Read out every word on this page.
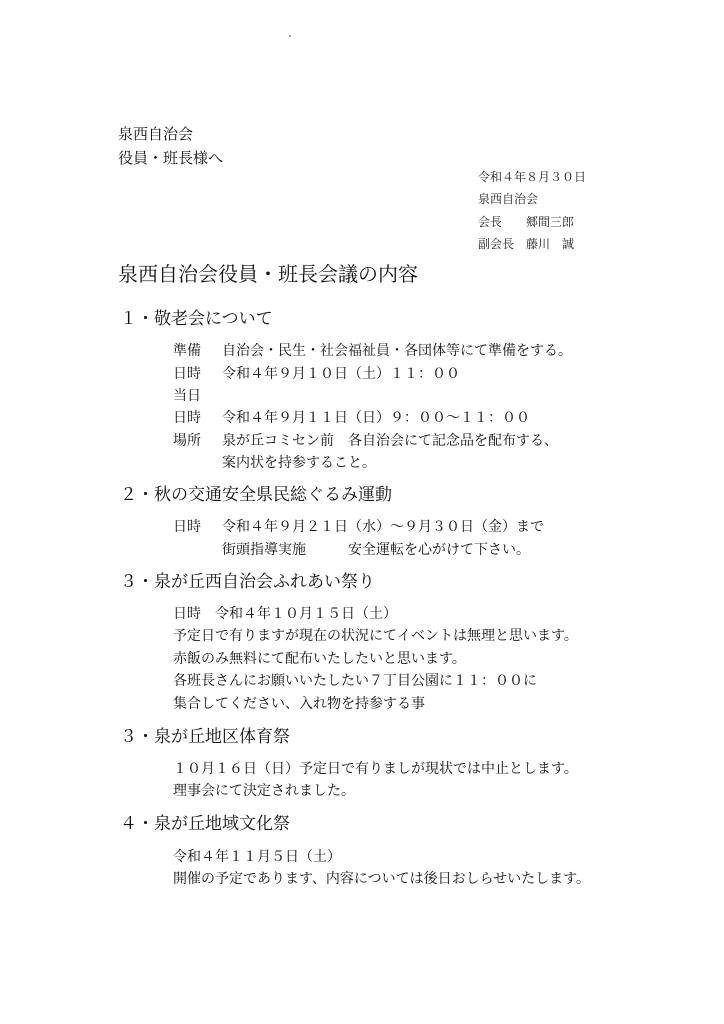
泉西自治会
役員・班長様へ
令和４年８月３０日
泉西自治会
会長 郷間三郎
副会長 藤川　誠
泉西自治会役員・班長会議の内容
１・敬老会について
準備 自治会・民生・社会福祉員・各団体等にて準備をする。
日時 令和４年９月１０日（土）１１：００
当日
日時 令和４年９月１１日（日）９：００～１１：００
場所 泉が丘コミセン前　各自治会にて記念品を配布する、
案内状を持参すること。
２・秋の交通安全県民総ぐるみ運動
日時 令和４年９月２１日（水）～９月３０日（金）まで
街頭指導実施　　　安全運転を心がけて下さい。
３・泉が丘西自治会ふれあい祭り
日時　令和４年１０月１５日（土）
予定日で有りますが現在の状況にてイベントは無理と思います。
赤飯のみ無料にて配布いたしたいと思います。
各班長さんにお願いいたしたい７丁目公園に１１：００に
集合してください、入れ物を持参する事
３・泉が丘地区体育祭
１０月１６日（日）予定日で有りましが現状では中止とします。
理事会にて決定されました。
４・泉が丘地域文化祭
令和４年１１月５日（土）
開催の予定であります、内容については後日おしらせいたします。
